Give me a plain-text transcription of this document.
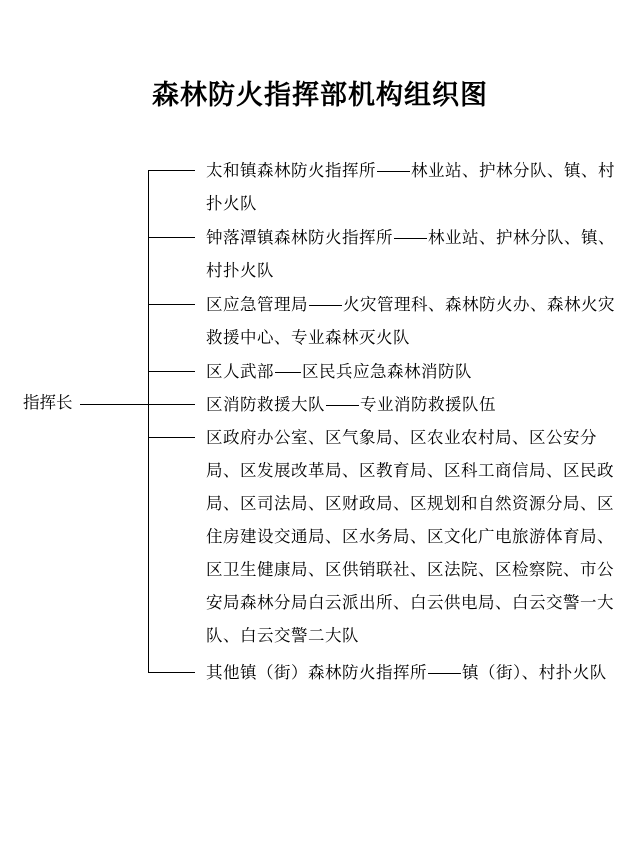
森林防火指挥部机构组织图
指挥长

太和镇森林防火指挥所 林业站、护林分队、镇、村扑火队

钟落潭镇森林防火指挥所 林业站、护林分队、镇、村扑火队

区应急管理局 火灾管理科、森林防火办、森林火灾救援中心、专业森林灭火队

区人武部 区民兵应急森林消防队

区消防救援大队 专业消防救援队伍

区政府办公室、区气象局、区农业农村局、区公安分局、区发展改革局、区教育局、区科工商信局、区民政局、区司法局、区财政局、区规划和自然资源分局、区住房建设交通局、区水务局、区文化广电旅游体育局、区卫生健康局、区供销联社、区法院、区检察院、市公安局森林分局白云派出所、白云供电局、白云交警一大队、白云交警二大队

其他镇（街）森林防火指挥所 镇（街）、村扑火队
